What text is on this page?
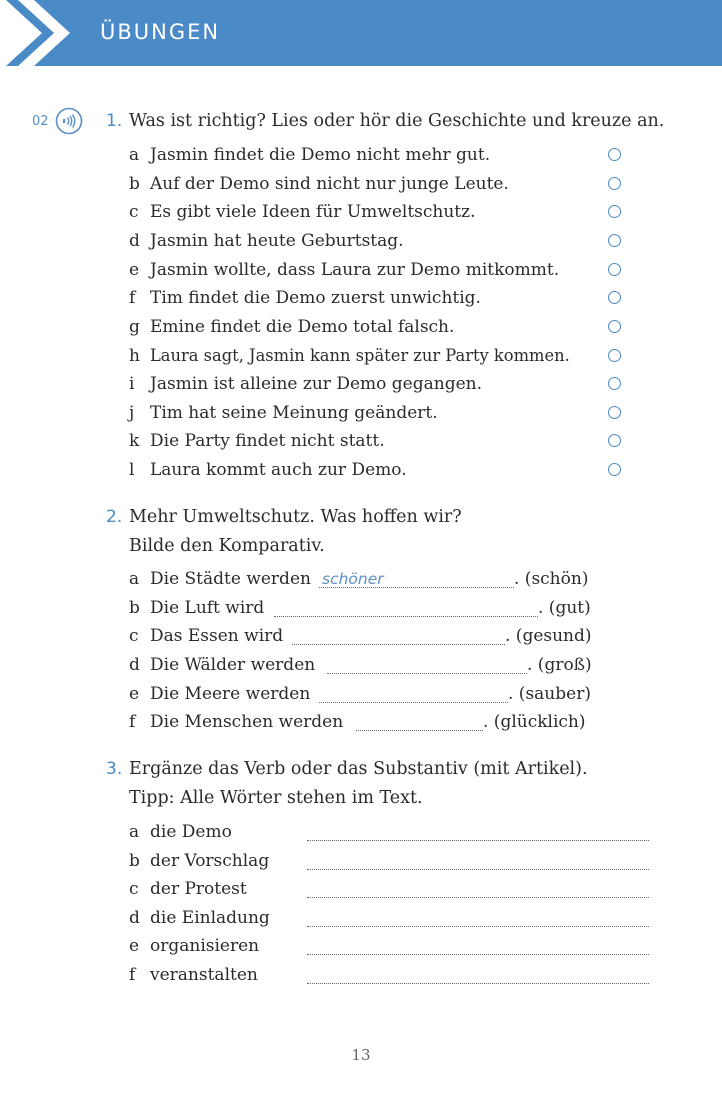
ÜBUNGEN
02	1. Was ist richtig? Lies oder hör die Geschichte und kreuze an.
a Jasmin findet die Demo nicht mehr gut.
b Auf der Demo sind nicht nur junge Leute.
c Es gibt viele Ideen für Umweltschutz.
d Jasmin hat heute Geburtstag.
e Jasmin wollte, dass Laura zur Demo mitkommt.
f Tim findet die Demo zuerst unwichtig.
g Emine findet die Demo total falsch.
h Laura sagt, Jasmin kann später zur Party kommen.
i Jasmin ist alleine zur Demo gegangen.
j Tim hat seine Meinung geändert.
k Die Party findet nicht statt.
l Laura kommt auch zur Demo.
2. Mehr Umweltschutz. Was hoffen wir?
Bilde den Komparativ.
a Die Städte werden schöner	. (schön)
b Die Luft wird	. (gut)
c Das Essen wird	. (gesund)
d Die Wälder werden	. (groß)
e Die Meere werden	. (sauber)
f Die Menschen werden	. (glücklich)
3. Ergänze das Verb oder das Substantiv (mit Artikel).
Tipp: Alle Wörter stehen im Text.
a die Demo
b der Vorschlag
c der Protest
d die Einladung
e organisieren
f veranstalten
13
